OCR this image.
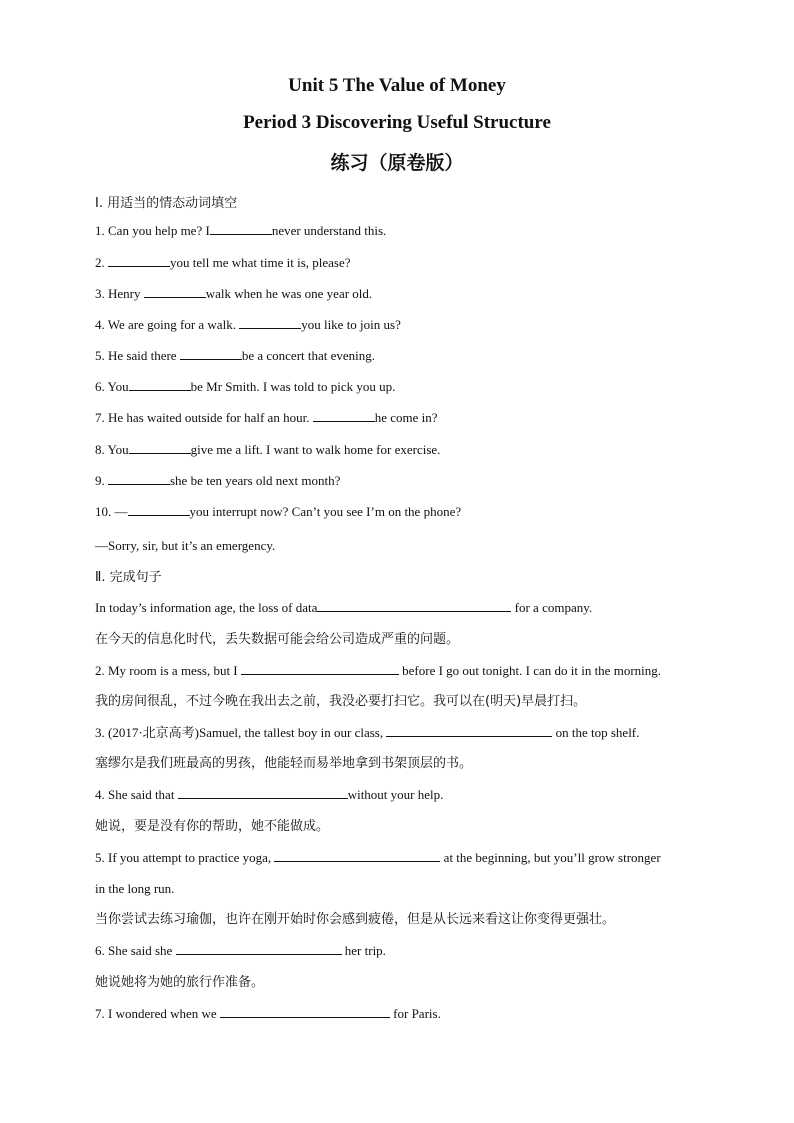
Unit 5 The Value of Money
Period 3 Discovering Useful Structure
练习（原卷版）
Ⅰ. 用适当的情态动词填空
1. Can you help me? I	never understand this.
2.	you tell me what time it is, please?
3. Henry	walk when he was one year old.
4. We are going for a walk.	you like to join us?
5. He said there	be a concert that evening.
6. You	be Mr Smith. I was told to pick you up.
7. He has waited outside for half an hour.	he come in?
8. You	give me a lift. I want to walk home for exercise.
9.	she be ten years old next month?
10. —	you interrupt now? Can’t you see I’m on the phone?
—Sorry, sir, but it’s an emergency.
Ⅱ. 完成句子
In today’s information age, the loss of data	for a company.
在今天的信息化时代，丢失数据可能会给公司造成严重的问题。
2. My room is a mess, but I	before I go out tonight. I can do it in the morning.
我的房间很乱，不过今晚在我出去之前，我没必要打扫它。我可以在(明天)早晨打扫。
3. (2017·北京高考)Samuel, the tallest boy in our class,	on the top shelf.
塞缪尔是我们班最高的男孩，他能轻而易举地拿到书架顶层的书。
4. She said that	without your help.
她说，要是没有你的帮助，她不能做成。
5. If you attempt to practice yoga,	at the beginning, but you’ll grow stronger
in the long run.
当你尝试去练习瑜伽，也许在刚开始时你会感到疲倦，但是从长远来看这让你变得更强壮。
6. She said she	her trip.
她说她将为她的旅行作准备。
7. I wondered when we	for Paris.
